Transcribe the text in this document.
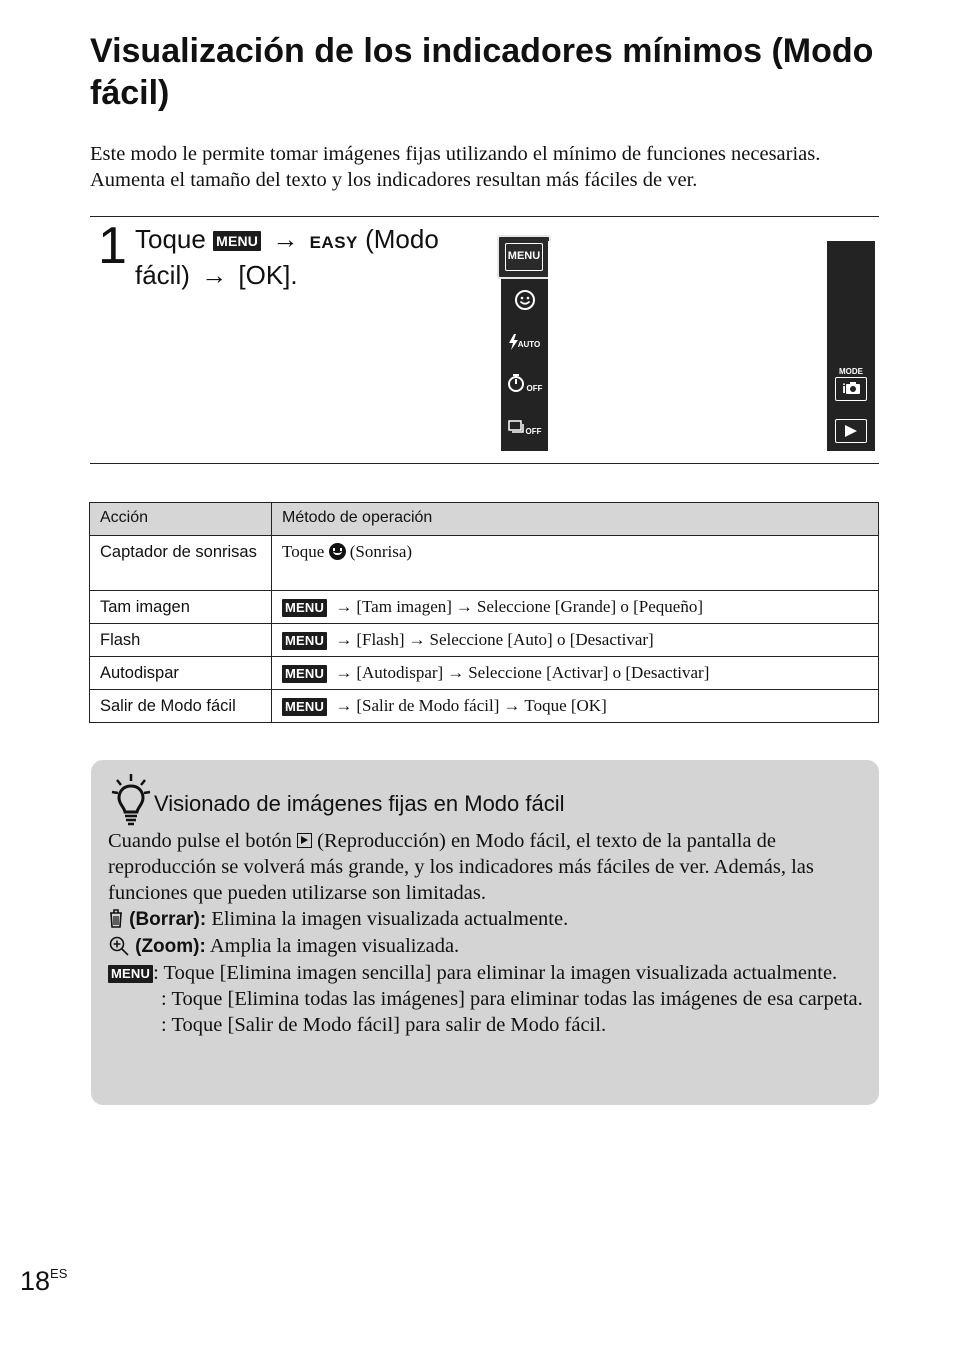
Visualización de los indicadores mínimos (Modo fácil)

Este modo le permite tomar imágenes fijas utilizando el mínimo de funciones necesarias. Aumenta el tamaño del texto y los indicadores resultan más fáciles de ver.

1 Toque MENU → EASY (Modo
fácil) → [OK].
MENU
AUTO
OFF
OFF
MODE
i
Acción	Método de operación
Captador de sonrisas	Toque (Sonrisa)
Tam imagen	MENU → [Tam imagen] → Seleccione [Grande] o [Pequeño]
Flash	MENU → [Flash] → Seleccione [Auto] o [Desactivar]
Autodispar	MENU → [Autodispar] → Seleccione [Activar] o [Desactivar]
Salir de Modo fácil	MENU → [Salir de Modo fácil] → Toque [OK]
Visionado de imágenes fijas en Modo fácil

Cuando pulse el botón (Reproducción) en Modo fácil, el texto de la pantalla de reproducción se volverá más grande, y los indicadores más fáciles de ver. Además, las funciones que pueden utilizarse son limitadas.

(Borrar): Elimina la imagen visualizada actualmente.

(Zoom): Amplia la imagen visualizada.

MENU : Toque [Elimina imagen sencilla] para eliminar la imagen visualizada actualmente.

: Toque [Elimina todas las imágenes] para eliminar todas las imágenes de esa carpeta.

: Toque [Salir de Modo fácil] para salir de Modo fácil.

$18^{ES}$
